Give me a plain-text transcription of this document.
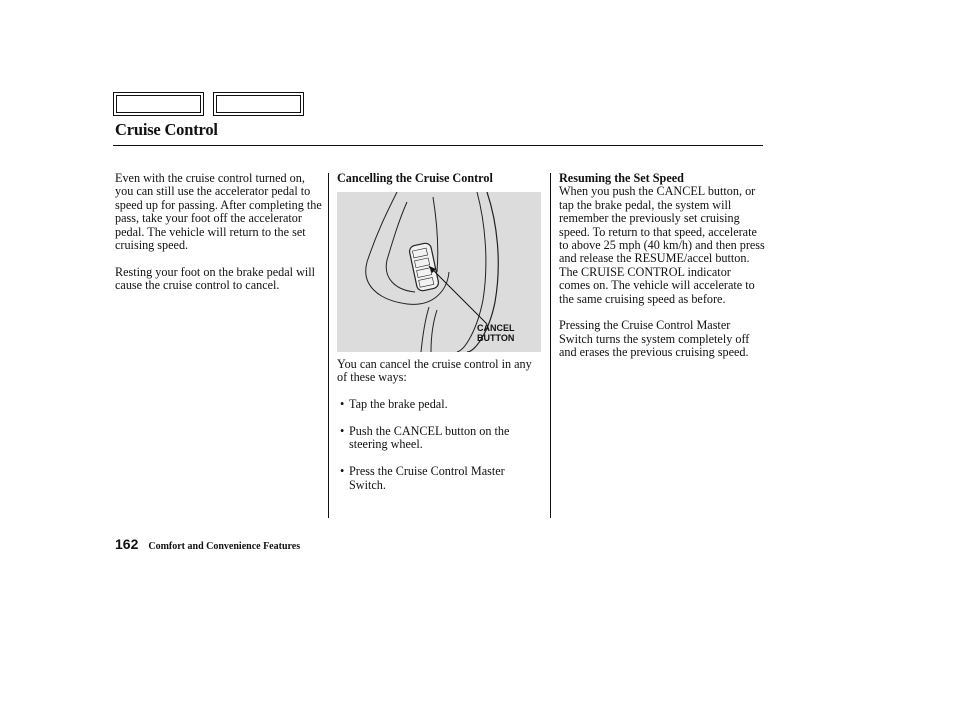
Cruise Control

Even with the cruise control turned on, you can still use the accelerator pedal to speed up for passing. After completing the pass, take your foot off the accelerator pedal. The vehicle will return to the set cruising speed.

Resting your foot on the brake pedal will cause the cruise control to cancel.

Cancelling the Cruise Control

You can cancel the cruise control in any of these ways:

• Tap the brake pedal.
• Push the CANCEL button on the steering wheel.
• Press the Cruise Control Master Switch.
CANCEL
BUTTON
Resuming the Set Speed

When you push the CANCEL button, or tap the brake pedal, the system will remember the previously set cruising speed. To return to that speed, accelerate to above 25 mph (40 km/h) and then press and release the RESUME/accel button. The CRUISE CONTROL indicator comes on. The vehicle will accelerate to the same cruising speed as before.

Pressing the Cruise Control Master Switch turns the system completely off and erases the previous cruising speed.

162 Comfort and Convenience Features
